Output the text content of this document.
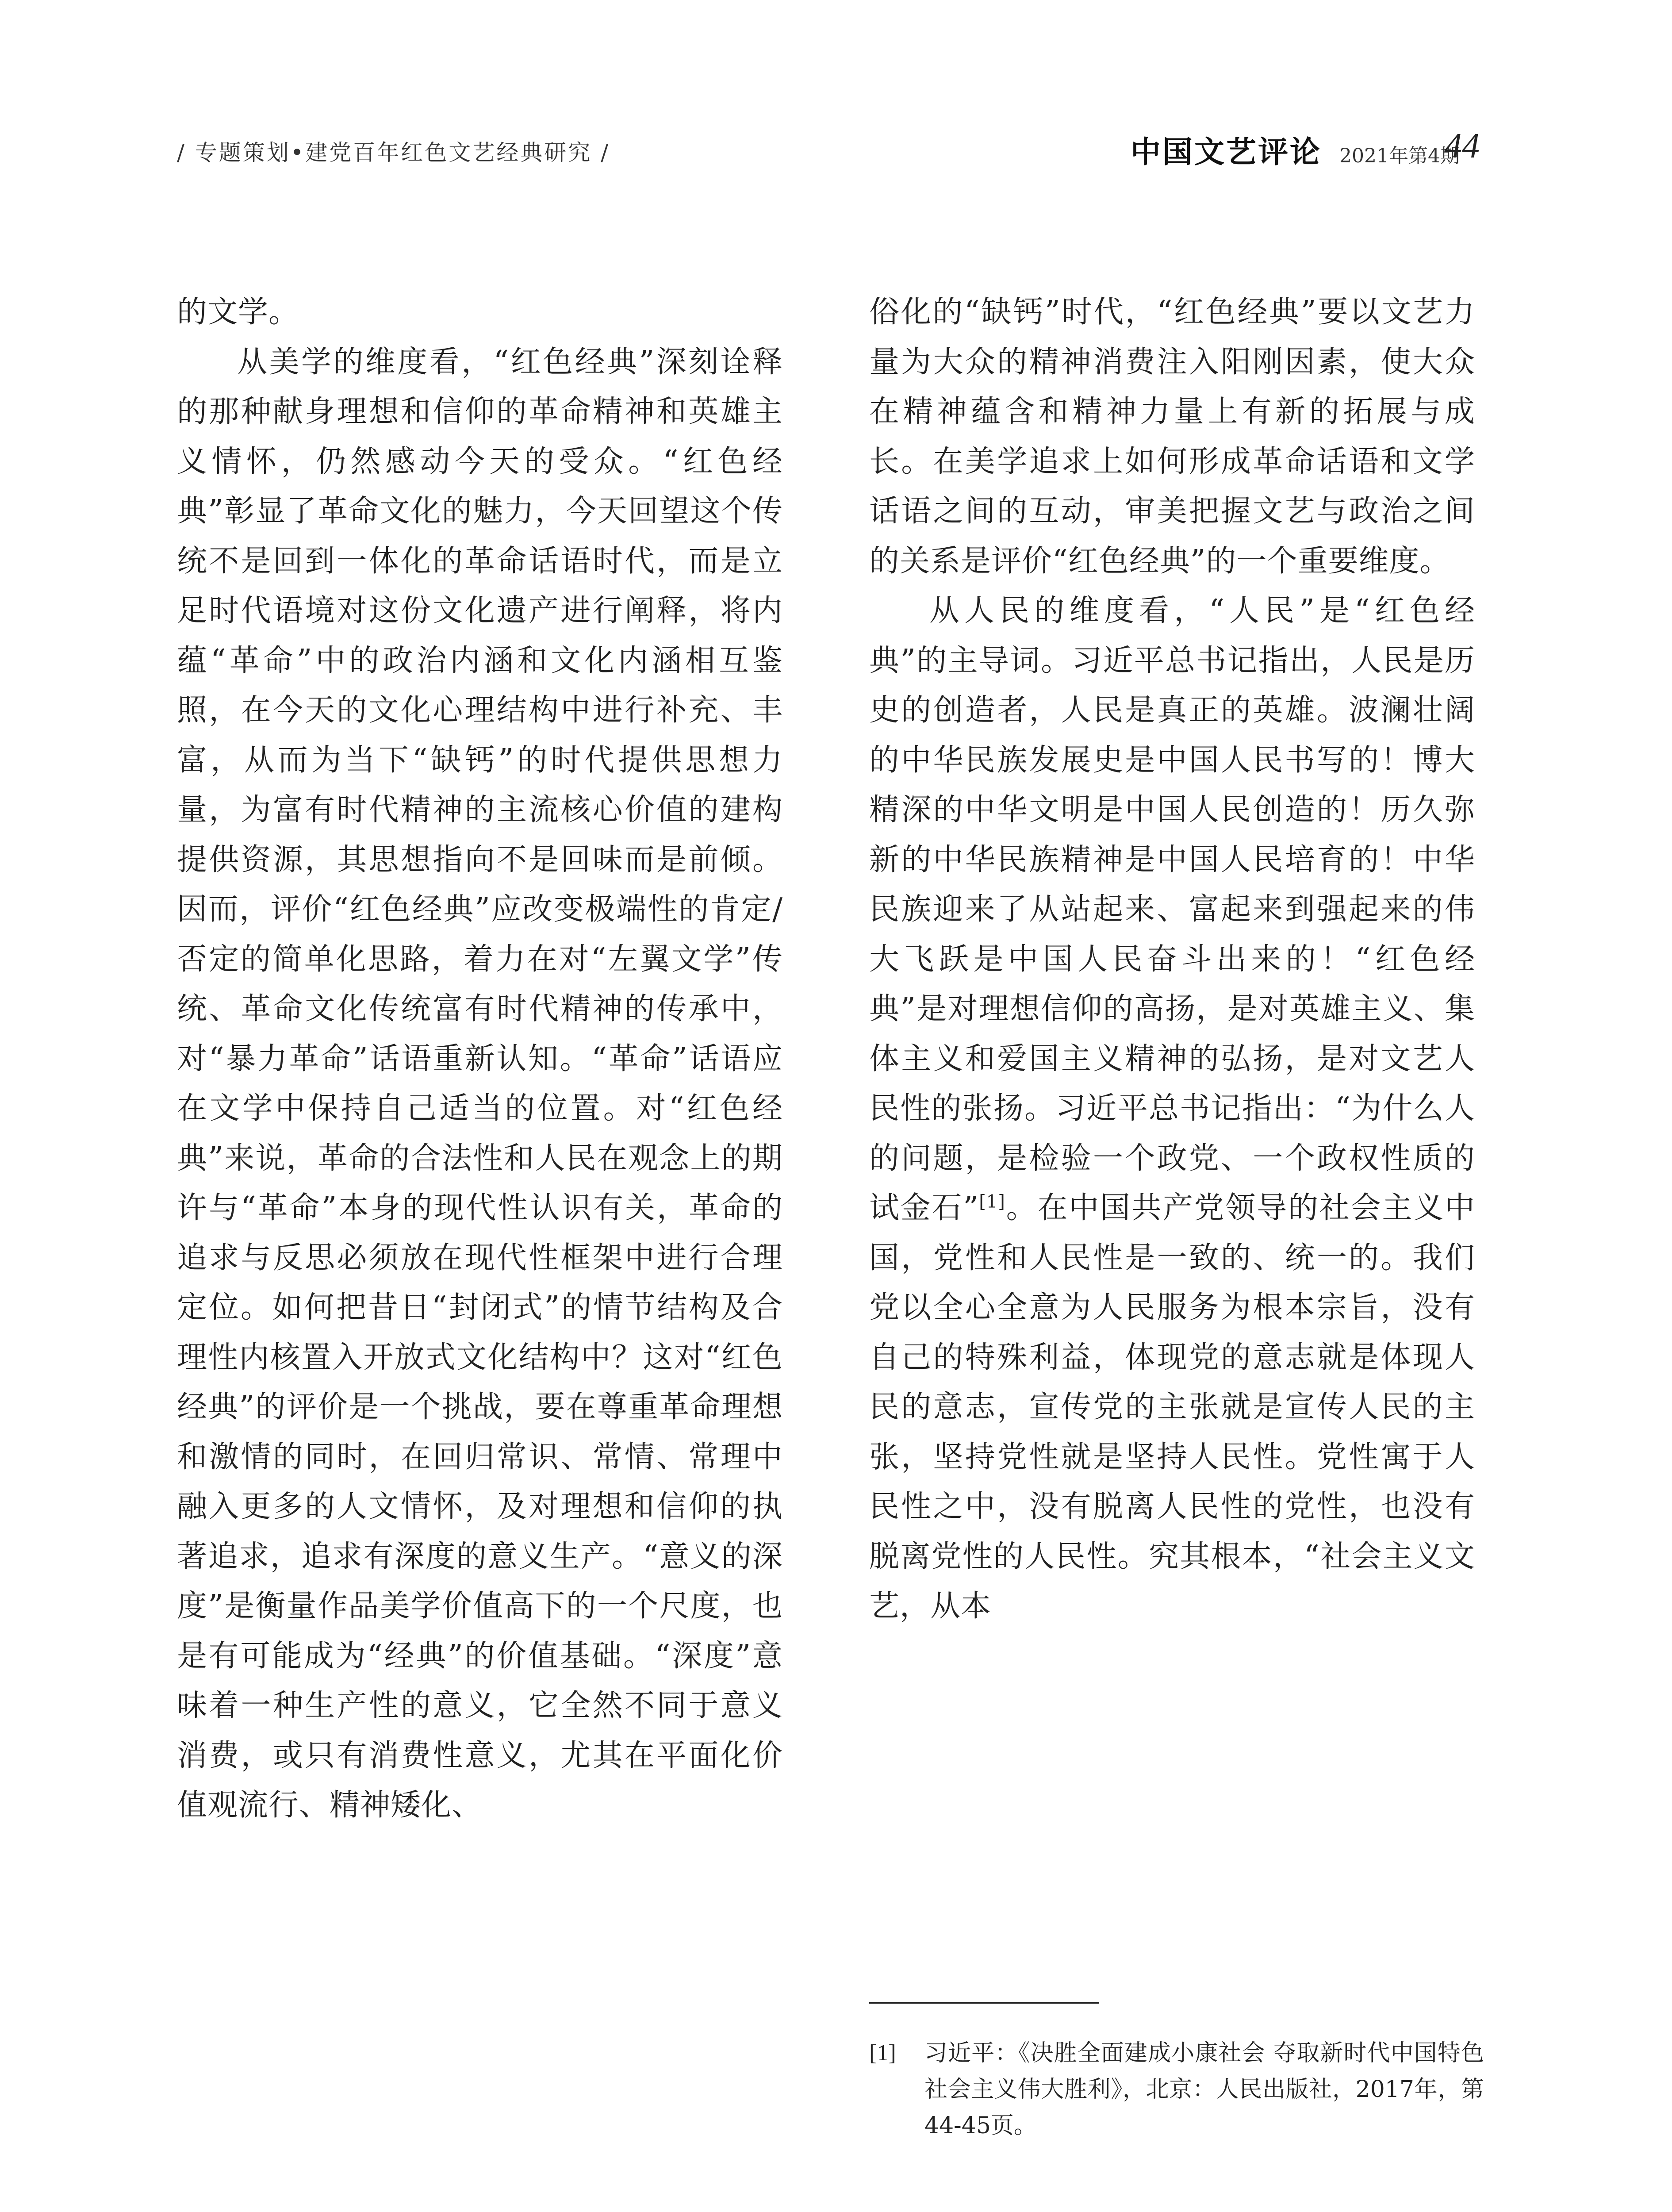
/ 专题策划•建党百年红色文艺经典研究 /	中国文艺评论 2021年第4期
44

的文学。

从美学的维度看，“红色经典”深刻诠释的那种献身理想和信仰的革命精神和英雄主义情怀，仍然感动今天的受众。“红色经典”彰显了革命文化的魅力，今天回望这个传统不是回到一体化的革命话语时代，而是立足时代语境对这份文化遗产进行阐释，将内蕴“革命”中的政治内涵和文化内涵相互鉴照，在今天的文化心理结构中进行补充、丰富，从而为当下“缺钙”的时代提供思想力量，为富有时代精神的主流核心价值的建构提供资源，其思想指向不是回味而是前倾。因而，评价“红色经典”应改变极端性的肯定/否定的简单化思路，着力在对“左翼文学”传统、革命文化传统富有时代精神的传承中，对“暴力革命”话语重新认知。“革命”话语应在文学中保持自己适当的位置。对“红色经典”来说，革命的合法性和人民在观念上的期许与“革命”本身的现代性认识有关，革命的追求与反思必须放在现代性框架中进行合理定位。如何把昔日“封闭式”的情节结构及合理性内核置入开放式文化结构中？这对“红色经典”的评价是一个挑战，要在尊重革命理想和激情的同时，在回归常识、常情、常理中融入更多的人文情怀，及对理想和信仰的执著追求，追求有深度的意义生产。“意义的深度”是衡量作品美学价值高下的一个尺度，也是有可能成为“经典”的价值基础。“深度”意味着一种生产性的意义，它全然不同于意义消费，或只有消费性意义，尤其在平面化价值观流行、精神矮化、

俗化的“缺钙”时代，“红色经典”要以文艺力量为大众的精神消费注入阳刚因素，使大众在精神蕴含和精神力量上有新的拓展与成长。在美学追求上如何形成革命话语和文学话语之间的互动，审美把握文艺与政治之间的关系是评价“红色经典”的一个重要维度。

从人民的维度看，“人民”是“红色经典”的主导词。习近平总书记指出，人民是历史的创造者，人民是真正的英雄。波澜壮阔的中华民族发展史是中国人民书写的！博大精深的中华文明是中国人民创造的！历久弥新的中华民族精神是中国人民培育的！中华民族迎来了从站起来、富起来到强起来的伟大飞跃是中国人民奋斗出来的！“红色经典”是对理想信仰的高扬，是对英雄主义、集体主义和爱国主义精神的弘扬，是对文艺人民性的张扬。习近平总书记指出：“为什么人的问题，是检验一个政党、一个政权性质的试金石”[1]。在中国共产党领导的社会主义中国，党性和人民性是一致的、统一的。我们党以全心全意为人民服务为根本宗旨，没有自己的特殊利益，体现党的意志就是体现人民的意志，宣传党的主张就是宣传人民的主张，坚持党性就是坚持人民性。党性寓于人民性之中，没有脱离人民性的党性，也没有脱离党性的人民性。究其根本，“社会主义文艺，从本

[1] 习近平：《决胜全面建成小康社会 夺取新时代中国特色社会主义伟大胜利》，北京：人民出版社，2017年，第44-45页。
